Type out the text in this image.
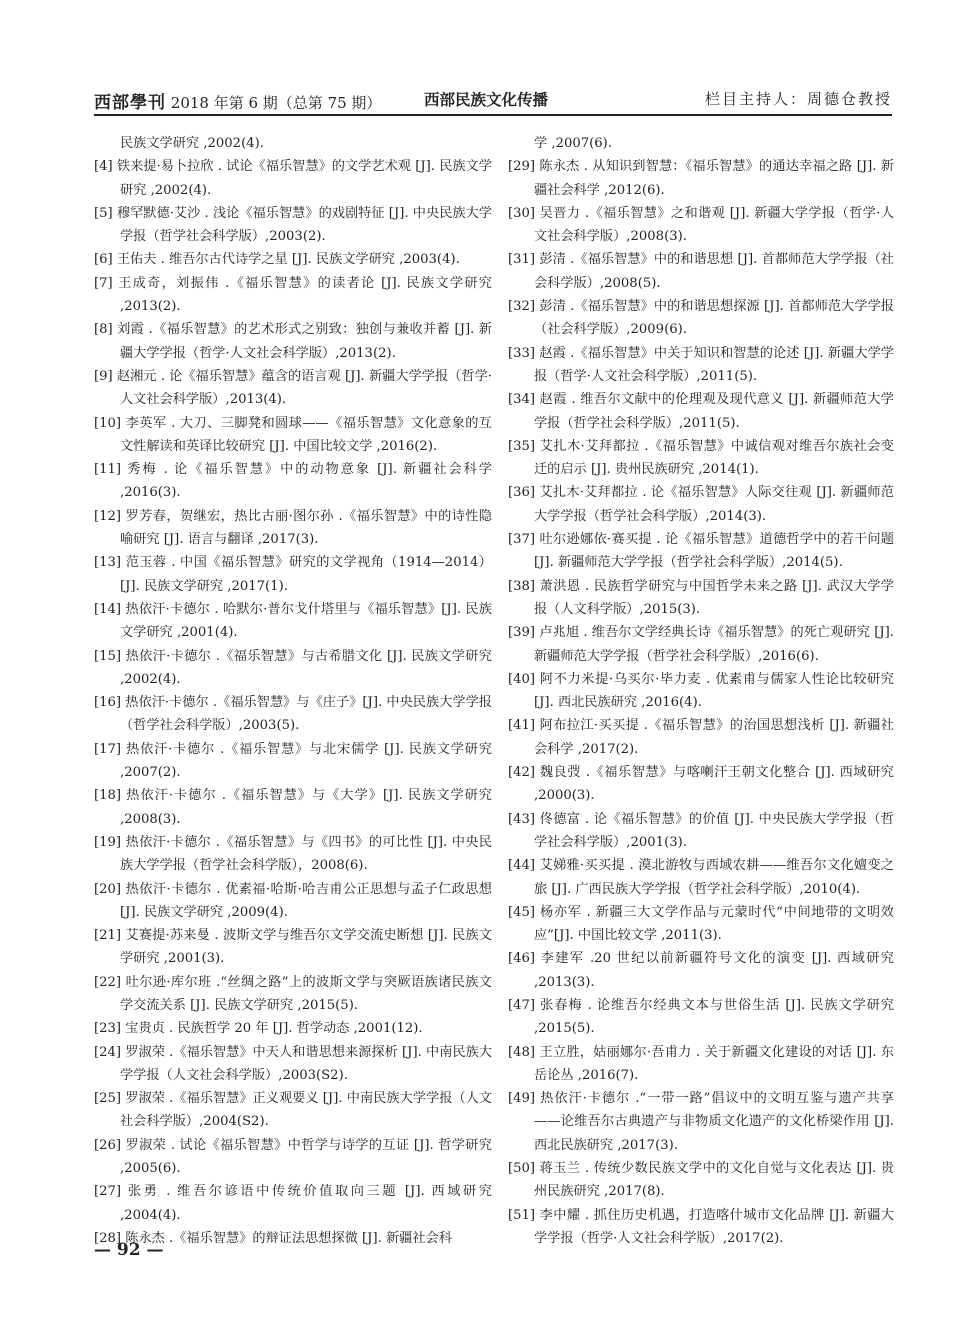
西部學刊 2018 年第 6 期（总第 75 期）	西部民族文化传播	栏目主持人：周德仓教授

民族文学研究 ,2002(4).

[4] 铁来提·易卜拉欣 . 试论《福乐智慧》的文学艺术观 [J]. 民族文学研究 ,2002(4).

[5] 穆罕默德·艾沙 . 浅论《福乐智慧》的戏剧特征 [J]. 中央民族大学学报（哲学社会科学版）,2003(2).

[6] 王佑夫 . 维吾尔古代诗学之星 [J]. 民族文学研究 ,2003(4).

[7] 王成奇，刘振伟 .《福乐智慧》的读者论 [J]. 民族文学研究 ,2013(2).

[8] 刘霞 .《福乐智慧》的艺术形式之别致：独创与兼收并蓄 [J]. 新疆大学学报（哲学·人文社会科学版）,2013(2).

[9] 赵湘元 . 论《福乐智慧》蕴含的语言观 [J]. 新疆大学学报（哲学·人文社会科学版）,2013(4).

[10] 李英军 . 大刀、三脚凳和圆球——《福乐智慧》文化意象的互文性解读和英译比较研究 [J]. 中国比较文学 ,2016(2).

[11] 秀梅 . 论《福乐智慧》中的动物意象 [J]. 新疆社会科学 ,2016(3).

[12] 罗芳春，贺继宏，热比古丽·图尔孙 .《福乐智慧》中的诗性隐喻研究 [J]. 语言与翻译 ,2017(3).

[13] 范玉蓉 . 中国《福乐智慧》研究的文学视角（1914—2014）[J]. 民族文学研究 ,2017(1).

[14] 热依汗·卡德尔 . 哈默尔·普尔戈什塔里与《福乐智慧》[J]. 民族文学研究 ,2001(4).

[15] 热依汗·卡德尔 .《福乐智慧》与古希腊文化 [J]. 民族文学研究 ,2002(4).

[16] 热依汗·卡德尔 .《福乐智慧》与《庄子》[J]. 中央民族大学学报（哲学社会科学版）,2003(5).

[17] 热依汗·卡德尔 .《福乐智慧》与北宋儒学 [J]. 民族文学研究 ,2007(2).

[18] 热依汗·卡德尔 .《福乐智慧》与《大学》[J]. 民族文学研究 ,2008(3).

[19] 热依汗·卡德尔 .《福乐智慧》与《四书》的可比性 [J]. 中央民族大学学报（哲学社会科学版），2008(6).

[20] 热依汗·卡德尔 . 优素福·哈斯·哈吉甫公正思想与孟子仁政思想 [J]. 民族文学研究 ,2009(4).

[21] 艾赛提·苏来曼 . 波斯文学与维吾尔文学交流史断想 [J]. 民族文学研究 ,2001(3).

[22] 吐尔逊·库尔班 .“丝绸之路”上的波斯文学与突厥语族诸民族文学交流关系 [J]. 民族文学研究 ,2015(5).

[23] 宝贵贞 . 民族哲学 20 年 [J]. 哲学动态 ,2001(12).

[24] 罗淑荣 .《福乐智慧》中天人和谐思想来源探析 [J]. 中南民族大学学报（人文社会科学版）,2003(S2).

[25] 罗淑荣 .《福乐智慧》正义观要义 [J]. 中南民族大学学报（人文社会科学版）,2004(S2).

[26] 罗淑荣 . 试论《福乐智慧》中哲学与诗学的互证 [J]. 哲学研究 ,2005(6).

[27] 张勇 . 维吾尔谚语中传统价值取向三题 [J]. 西域研究 ,2004(4).

[28] 陈永杰 .《福乐智慧》的辩证法思想探微 [J]. 新疆社会科

学 ,2007(6).

[29] 陈永杰 . 从知识到智慧：《福乐智慧》的通达幸福之路 [J]. 新疆社会科学 ,2012(6).

[30] 吴晋力 .《福乐智慧》之和谐观 [J]. 新疆大学学报（哲学·人文社会科学版）,2008(3).

[31] 彭清 .《福乐智慧》中的和谐思想 [J]. 首都师范大学学报（社会科学版）,2008(5).

[32] 彭清 .《福乐智慧》中的和谐思想探源 [J]. 首都师范大学学报（社会科学版）,2009(6).

[33] 赵霞 .《福乐智慧》中关于知识和智慧的论述 [J]. 新疆大学学报（哲学·人文社会科学版）,2011(5).

[34] 赵霞 . 维吾尔文献中的伦理观及现代意义 [J]. 新疆师范大学学报（哲学社会科学版）,2011(5).

[35] 艾扎木·艾拜都拉 .《福乐智慧》中诚信观对维吾尔族社会变迁的启示 [J]. 贵州民族研究 ,2014(1).

[36] 艾扎木·艾拜都拉 . 论《福乐智慧》人际交往观 [J]. 新疆师范大学学报（哲学社会科学版）,2014(3).

[37] 吐尔逊娜依·赛买提 . 论《福乐智慧》道德哲学中的若干问题 [J]. 新疆师范大学学报（哲学社会科学版）,2014(5).

[38] 萧洪恩 . 民族哲学研究与中国哲学未来之路 [J]. 武汉大学学报（人文科学版）,2015(3).

[39] 卢兆旭 . 维吾尔文学经典长诗《福乐智慧》的死亡观研究 [J]. 新疆师范大学学报（哲学社会科学版）,2016(6).

[40] 阿不力米提·乌买尔·毕力麦 . 优素甫与儒家人性论比较研究 [J]. 西北民族研究 ,2016(4).

[41] 阿布拉江·买买提 .《福乐智慧》的治国思想浅析 [J]. 新疆社会科学 ,2017(2).

[42] 魏良弢 .《福乐智慧》与喀喇汗王朝文化整合 [J]. 西域研究 ,2000(3).

[43] 佟德富 . 论《福乐智慧》的价值 [J]. 中央民族大学学报（哲学社会科学版）,2001(3).

[44] 艾娣雅·买买提 . 漠北游牧与西域农耕——维吾尔文化嬗变之旅 [J]. 广西民族大学学报（哲学社会科学版）,2010(4).

[45] 杨亦军 . 新疆三大文学作品与元蒙时代“中间地带的文明效应”[J]. 中国比较文学 ,2011(3).

[46] 李建军 .20 世纪以前新疆符号文化的演变 [J]. 西域研究 ,2013(3).

[47] 张春梅 . 论维吾尔经典文本与世俗生活 [J]. 民族文学研究 ,2015(5).

[48] 王立胜，姑丽娜尔·吾甫力 . 关于新疆文化建设的对话 [J]. 东岳论丛 ,2016(7).

[49] 热依汗·卡德尔 .“一带一路”倡议中的文明互鉴与遗产共享——论维吾尔古典遗产与非物质文化遗产的文化桥梁作用 [J]. 西北民族研究 ,2017(3).

[50] 蒋玉兰 . 传统少数民族文学中的文化自觉与文化表达 [J]. 贵州民族研究 ,2017(8).

[51] 李中耀 . 抓住历史机遇，打造喀什城市文化品牌 [J]. 新疆大学学报（哲学·人文社会科学版）,2017(2).

— 92 —
